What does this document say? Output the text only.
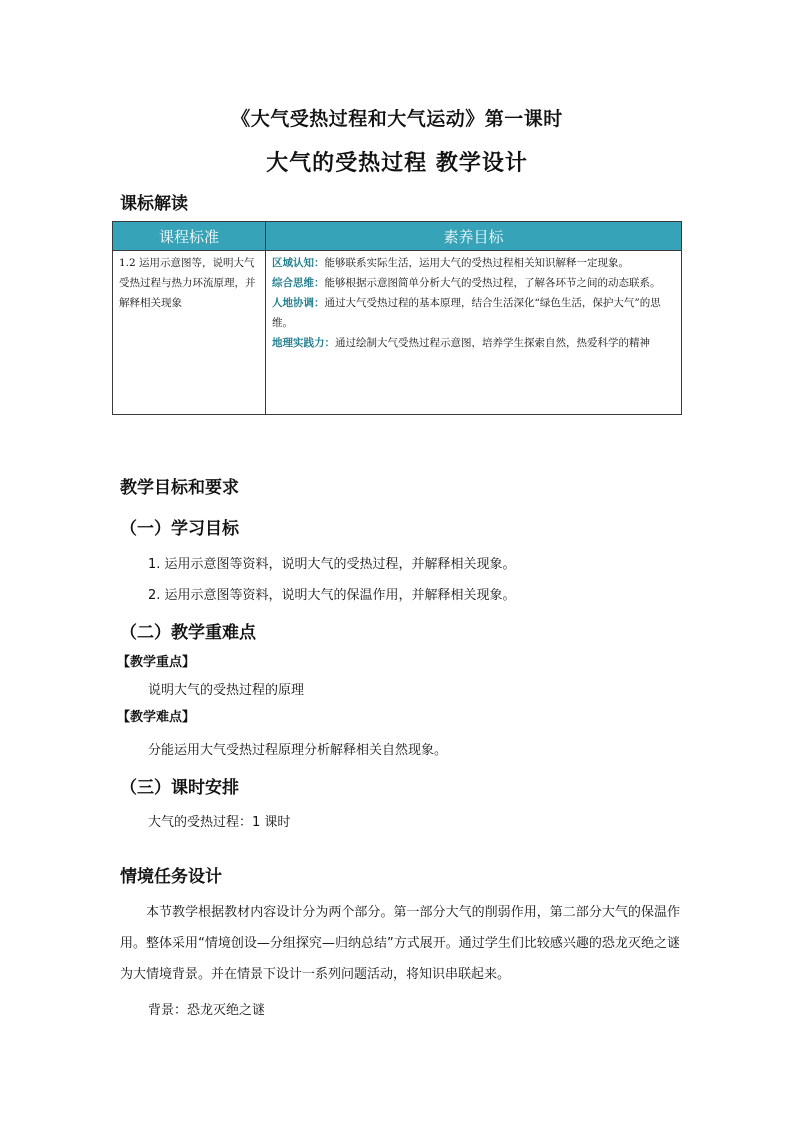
《大气受热过程和大气运动》第一课时
大气的受热过程 教学设计
课标解读
课程标准	素养目标
1.2 运用示意图等，说明大气受热过程与热力环流原理，并解释相关现象	区域认知：能够联系实际生活，运用大气的受热过程相关知识解释一定现象。
综合思维：能够根据示意图简单分析大气的受热过程，了解各环节之间的动态联系。
人地协调：通过大气受热过程的基本原理，结合生活深化“绿色生活，保护大气”的思维。
地理实践力：通过绘制大气受热过程示意图，培养学生探索自然，热爱科学的精神
教学目标和要求
（一）学习目标
1. 运用示意图等资料，说明大气的受热过程，并解释相关现象。
2. 运用示意图等资料，说明大气的保温作用，并解释相关现象。
（二）教学重难点
【教学重点】
说明大气的受热过程的原理
【教学难点】
分能运用大气受热过程原理分析解释相关自然现象。
（三）课时安排
大气的受热过程：1 课时
情境任务设计
本节教学根据教材内容设计分为两个部分。第一部分大气的削弱作用，第二部分大气的保温作用。整体采用“情境创设—分组探究—归纳总结”方式展开。通过学生们比较感兴趣的恐龙灭绝之谜为大情境背景。并在情景下设计一系列问题活动，将知识串联起来。
背景：恐龙灭绝之谜
